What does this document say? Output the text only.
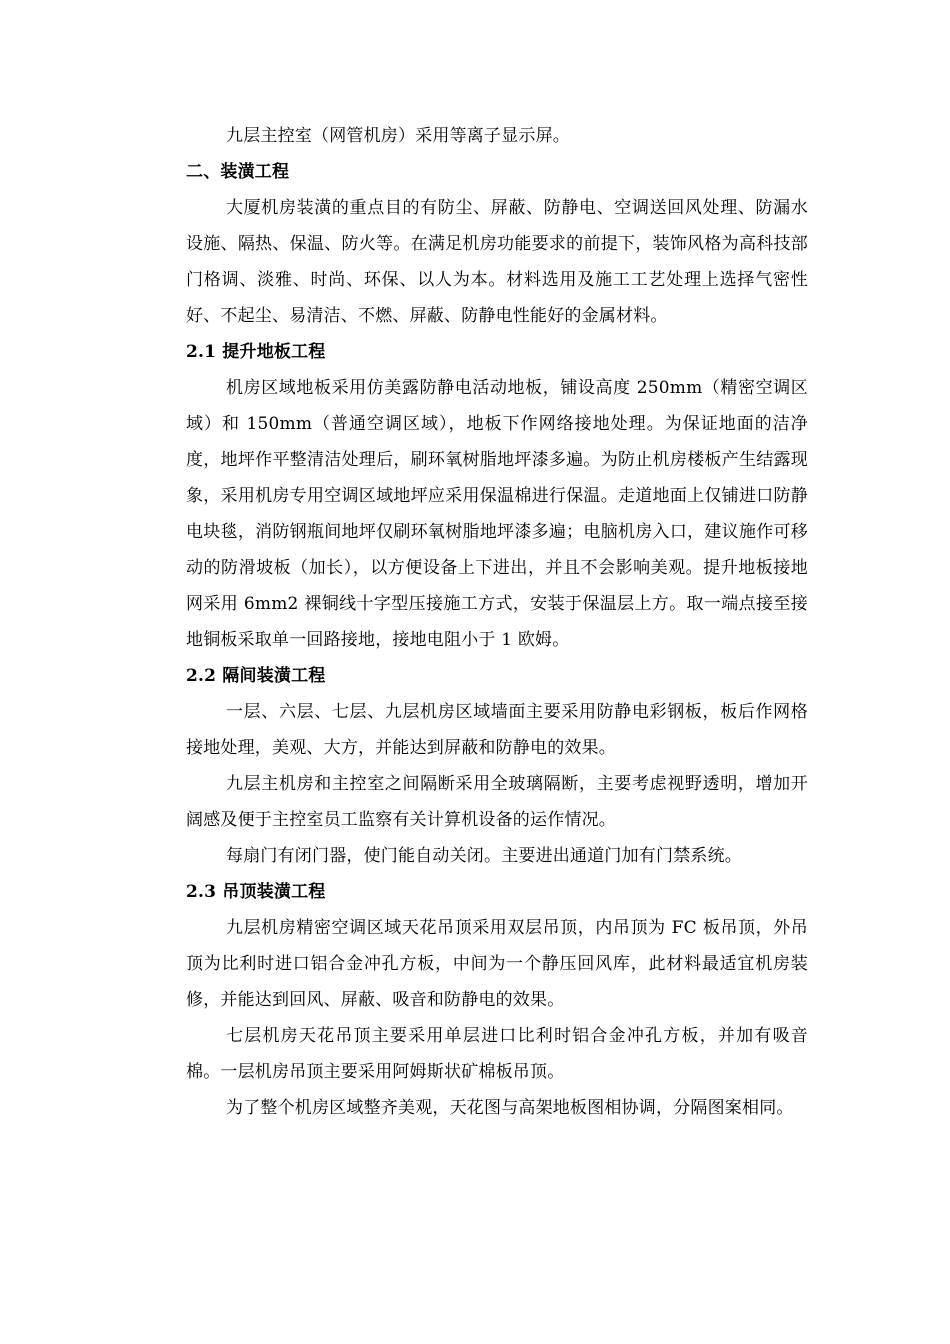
九层主控室（网管机房）采用等离子显示屏。

二、装潢工程

大厦机房装潢的重点目的有防尘、屏蔽、防静电、空调送回风处理、防漏水设施、隔热、保温、防火等。在满足机房功能要求的前提下，装饰风格为高科技部门格调、淡雅、时尚、环保、以人为本。材料选用及施工工艺处理上选择气密性好、不起尘、易清洁、不燃、屏蔽、防静电性能好的金属材料。

2.1 提升地板工程

机房区域地板采用仿美露防静电活动地板，铺设高度 250mm（精密空调区域）和 150mm（普通空调区域），地板下作网络接地处理。为保证地面的洁净度，地坪作平整清洁处理后，刷环氧树脂地坪漆多遍。为防止机房楼板产生结露现象，采用机房专用空调区域地坪应采用保温棉进行保温。走道地面上仅铺进口防静电块毯，消防钢瓶间地坪仅刷环氧树脂地坪漆多遍；电脑机房入口，建议施作可移动的防滑坡板（加长），以方便设备上下进出，并且不会影响美观。提升地板接地网采用 6mm2 裸铜线十字型压接施工方式，安装于保温层上方。取一端点接至接地铜板采取单一回路接地，接地电阻小于 1 欧姆。

2.2 隔间装潢工程

一层、六层、七层、九层机房区域墙面主要采用防静电彩钢板，板后作网格接地处理，美观、大方，并能达到屏蔽和防静电的效果。

九层主机房和主控室之间隔断采用全玻璃隔断，主要考虑视野透明，增加开阔感及便于主控室员工监察有关计算机设备的运作情况。

每扇门有闭门器，使门能自动关闭。主要进出通道门加有门禁系统。

2.3 吊顶装潢工程

九层机房精密空调区域天花吊顶采用双层吊顶，内吊顶为 FC 板吊顶，外吊顶为比利时进口铝合金冲孔方板，中间为一个静压回风库，此材料最适宜机房装修，并能达到回风、屏蔽、吸音和防静电的效果。

七层机房天花吊顶主要采用单层进口比利时铝合金冲孔方板，并加有吸音棉。一层机房吊顶主要采用阿姆斯状矿棉板吊顶。

为了整个机房区域整齐美观，天花图与高架地板图相协调，分隔图案相同。
